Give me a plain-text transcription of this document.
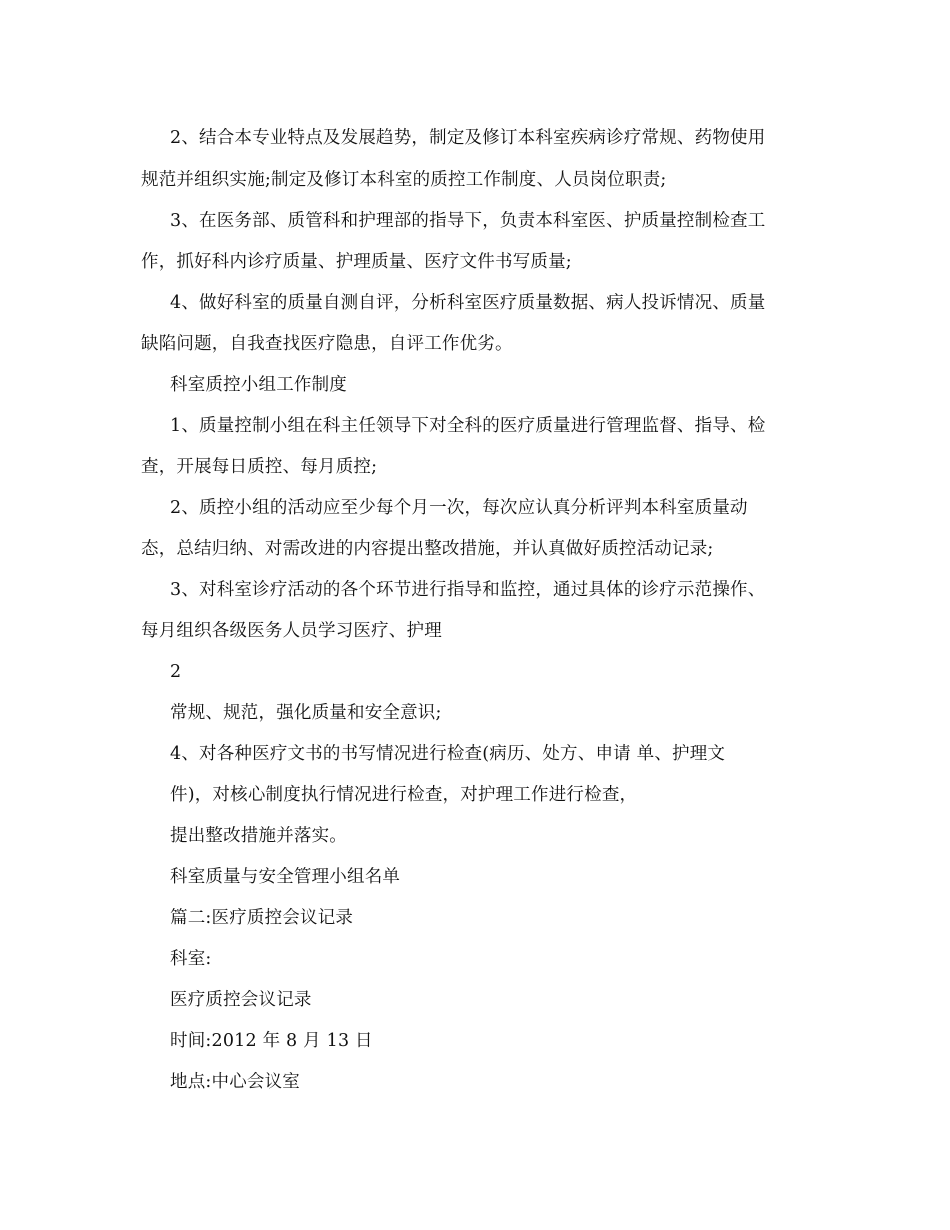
2、结合本专业特点及发展趋势，制定及修订本科室疾病诊疗常规、药物使用
规范并组织实施;制定及修订本科室的质控工作制度、人员岗位职责;
3、在医务部、质管科和护理部的指导下，负责本科室医、护质量控制检查工
作，抓好科内诊疗质量、护理质量、医疗文件书写质量;
4、做好科室的质量自测自评，分析科室医疗质量数据、病人投诉情况、质量
缺陷问题，自我查找医疗隐患，自评工作优劣。
科室质控小组工作制度
1、质量控制小组在科主任领导下对全科的医疗质量进行管理监督、指导、检
查，开展每日质控、每月质控;
2、质控小组的活动应至少每个月一次，每次应认真分析评判本科室质量动
态，总结归纳、对需改进的内容提出整改措施，并认真做好质控活动记录;
3、对科室诊疗活动的各个环节进行指导和监控，通过具体的诊疗示范操作、
每月组织各级医务人员学习医疗、护理
2
常规、规范，强化质量和安全意识;
4、对各种医疗文书的书写情况进行检查(病历、处方、申请 单、护理文
件)，对核心制度执行情况进行检查，对护理工作进行检查，
提出整改措施并落实。
科室质量与安全管理小组名单
篇二:医疗质控会议记录
科室:
医疗质控会议记录
时间:2012 年 8 月 13 日
地点:中心会议室
